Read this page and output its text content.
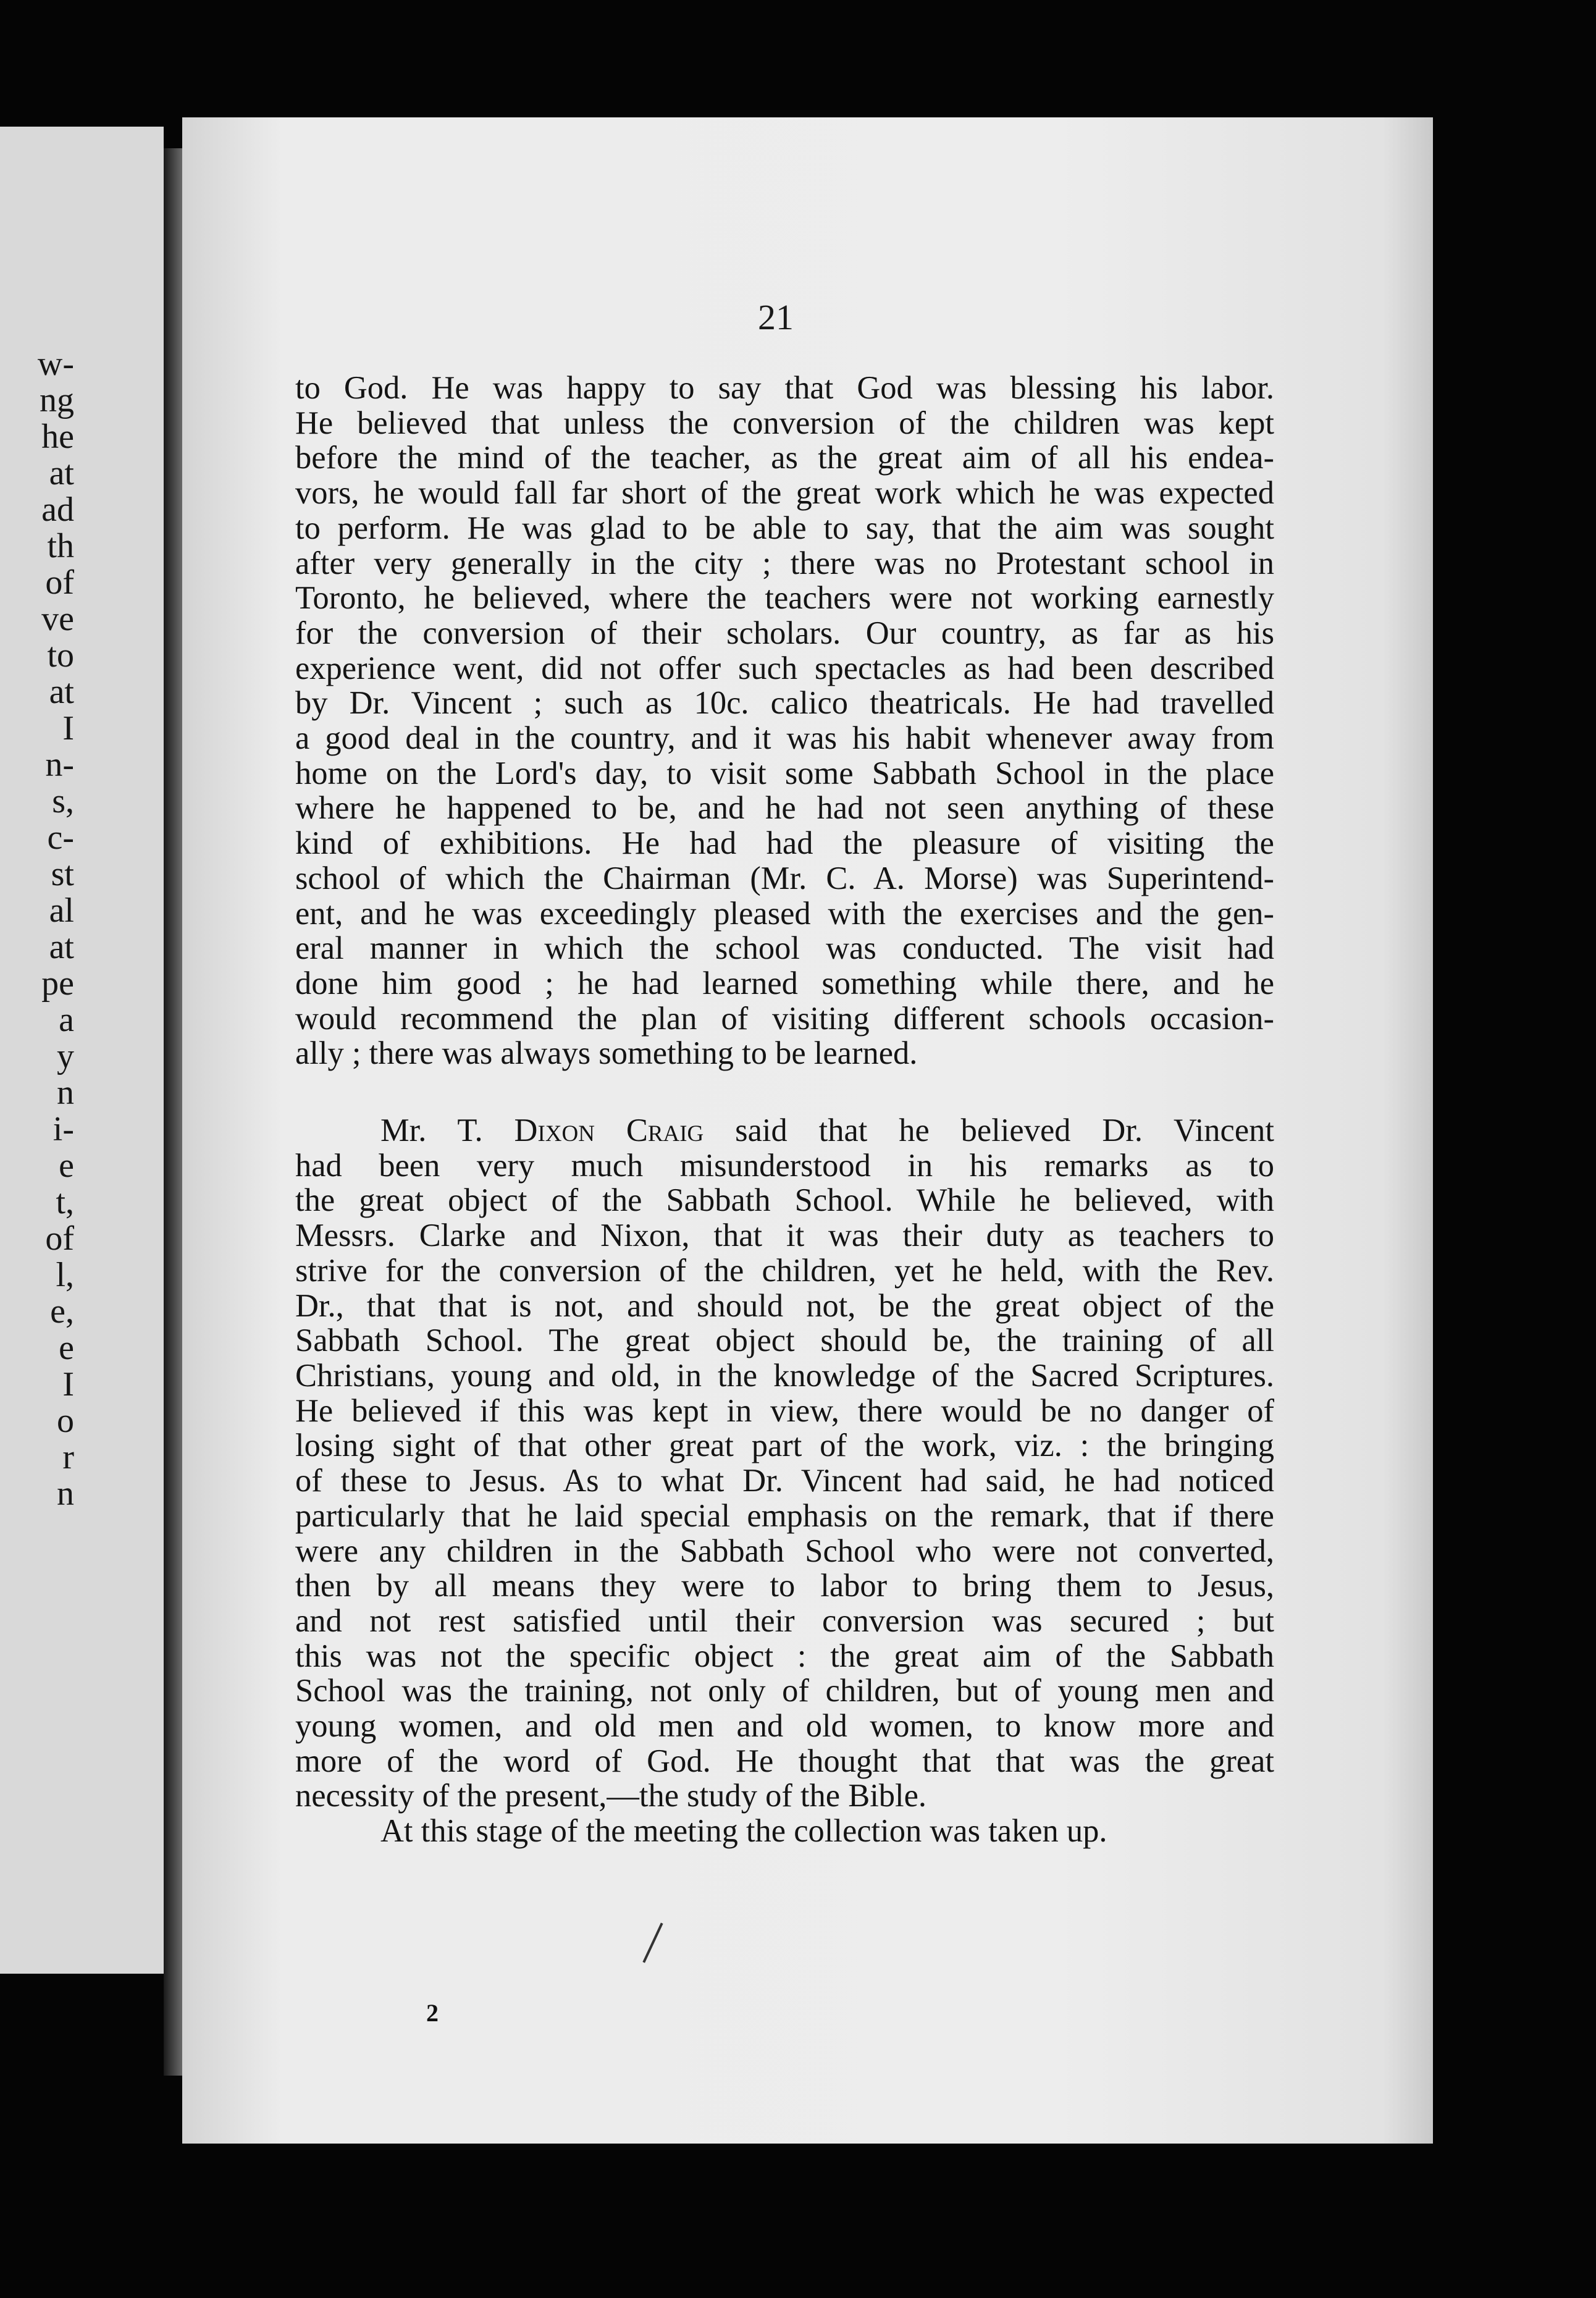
w-
ng
he
at
ad
th
of
ve
to
at
I
n-
s,
c-
st
al
at
pe
a
y
n
i-
e
t,
of
l,
e,
e
I
o
r
n
21

to God. He was happy to say that God was blessing his labor.

He believed that unless the conversion of the children was kept

before the mind of the teacher, as the great aim of all his endea-

vors, he would fall far short of the great work which he was expected

to perform. He was glad to be able to say, that the aim was sought

after very generally in the city ; there was no Protestant school in

Toronto, he believed, where the teachers were not working earnestly

for the conversion of their scholars. Our country, as far as his

experience went, did not offer such spectacles as had been described

by Dr. Vincent ; such as 10c. calico theatricals. He had travelled

a good deal in the country, and it was his habit whenever away from

home on the Lord's day, to visit some Sabbath School in the place

where he happened to be, and he had not seen anything of these

kind of exhibitions. He had had the pleasure of visiting the

school of which the Chairman (Mr. C. A. Morse) was Superintend-

ent, and he was exceedingly pleased with the exercises and the gen-

eral manner in which the school was conducted. The visit had

done him good ; he had learned something while there, and he

would recommend the plan of visiting different schools occasion-

ally ; there was always something to be learned.

Mr. T. Dixon Craig said that he believed Dr. Vincent

had been very much misunderstood in his remarks as to

the great object of the Sabbath School. While he believed, with

Messrs. Clarke and Nixon, that it was their duty as teachers to

strive for the conversion of the children, yet he held, with the Rev.

Dr., that that is not, and should not, be the great object of the

Sabbath School. The great object should be, the training of all

Christians, young and old, in the knowledge of the Sacred Scriptures.

He believed if this was kept in view, there would be no danger of

losing sight of that other great part of the work, viz. : the bringing

of these to Jesus. As to what Dr. Vincent had said, he had noticed

particularly that he laid special emphasis on the remark, that if there

were any children in the Sabbath School who were not converted,

then by all means they were to labor to bring them to Jesus,

and not rest satisfied until their conversion was secured ; but

this was not the specific object : the great aim of the Sabbath

School was the training, not only of children, but of young men and

young women, and old men and old women, to know more and

more of the word of God. He thought that that was the great

necessity of the present,—the study of the Bible.

At this stage of the meeting the collection was taken up.

2
